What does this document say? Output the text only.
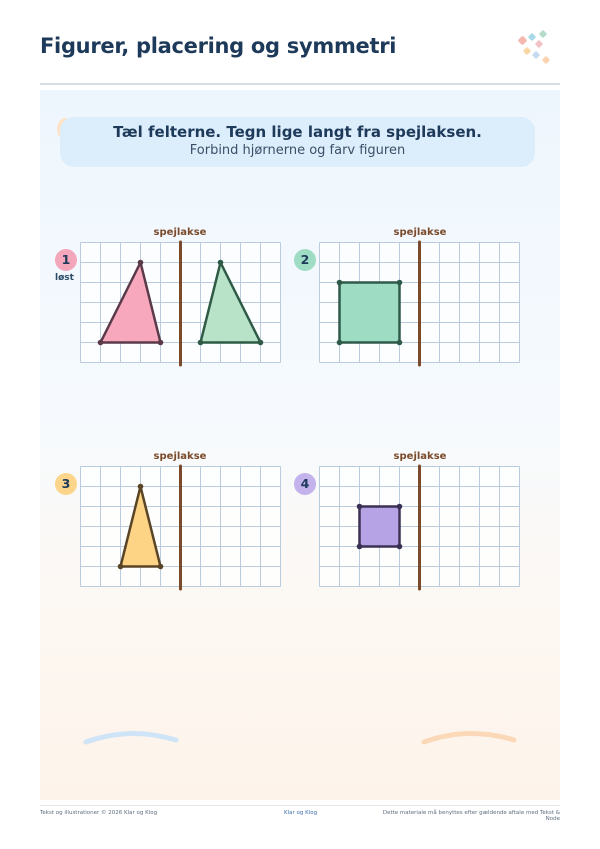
Figurer, placering og symmetri
Tæl felterne. Tegn lige langt fra spejlaksen.
Forbind hjørnerne og farv figuren
1
løst
spejlakse
2
spejlakse
3
spejlakse
4
spejlakse
Tekst og illustrationer © 2026 Klar og Klog	Klar og Klog	Dette materiale må benyttes efter gældende aftale med Tekst & Node
